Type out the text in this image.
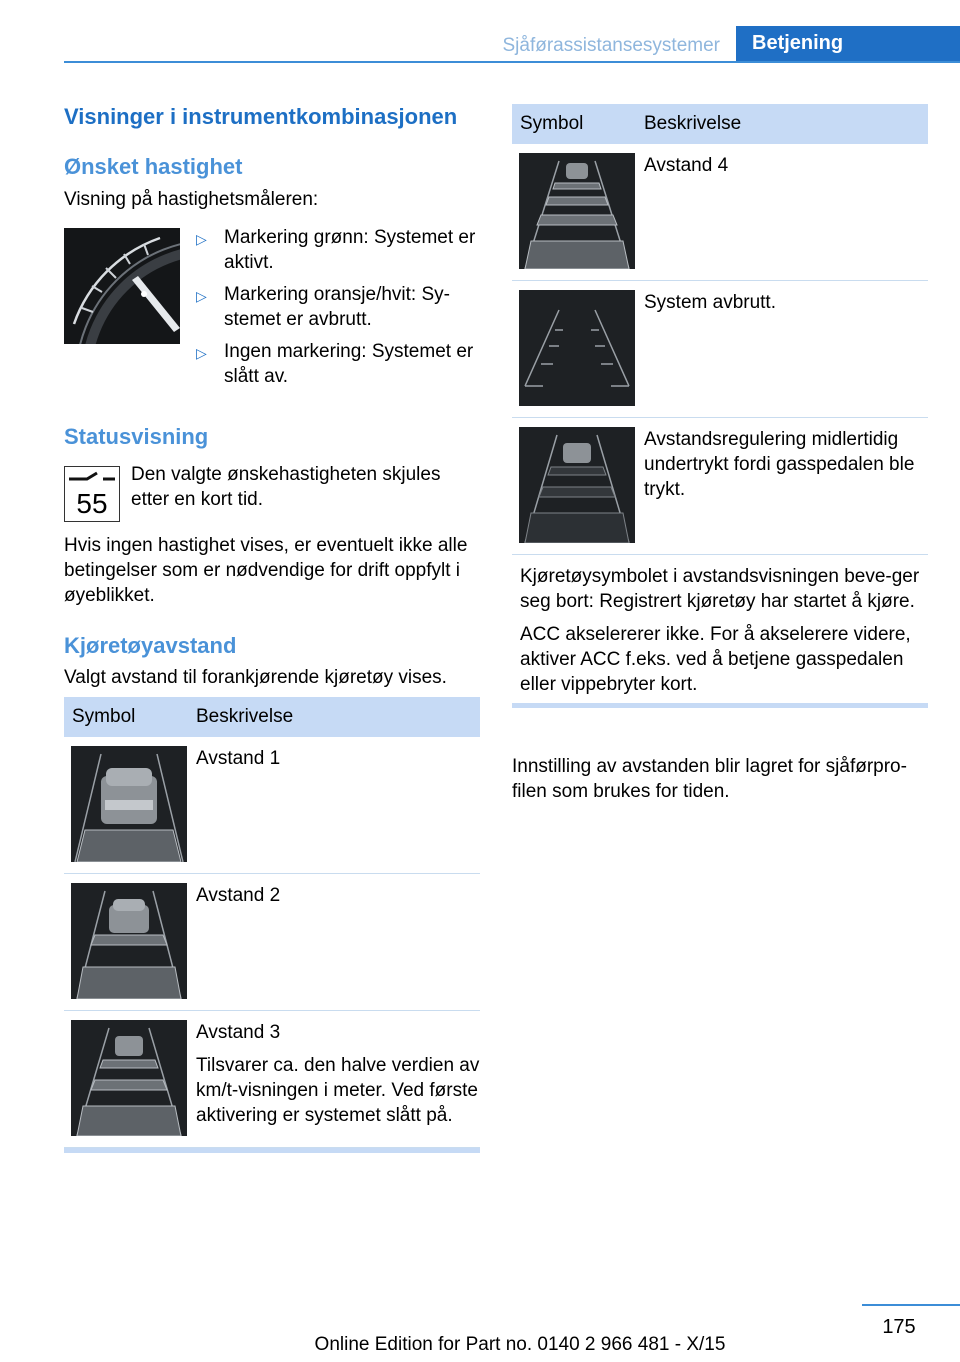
Sjåførassistansesystemer	Betjening
Visninger i instrumentkombinasjonen
Ønsket hastighet

Visning på hastighetsmåleren:

▷ Markering grønn: Systemet er aktivt.
▷ Markering oransje/hvit: Sy‐stemet er avbrutt.
▷ Ingen markering: Systemet er slått av.
Statusvisning
55

Den valgte ønskehastigheten skjules etter en kort tid.

Hvis ingen hastighet vises, er eventuelt ikke alle betingelser som er nødvendige for drift oppfylt i øyeblikket.

Kjøretøyavstand

Valgt avstand til forankjørende kjøretøy vises.

Symbol	Beskrivelse

Avstand 1

Avstand 2

Avstand 3

Tilsvarer ca. den halve verdien av km/t-visningen i meter. Ved første aktivering er systemet slått på.

Symbol	Beskrivelse

Avstand 4

System avbrutt.

Avstandsregulering midlertidig undertrykt fordi gasspedalen ble trykt.

Kjøretøysymbolet i avstandsvisningen beve‐ger seg bort: Registrert kjøretøy har startet å kjøre.

ACC akselererer ikke. For å akselerere videre, aktiver ACC f.eks. ved å betjene gasspedalen eller vippebryter kort.

Innstilling av avstanden blir lagret for sjåførpro‐filen som brukes for tiden.

175
Online Edition for Part no. 0140 2 966 481 - X/15
